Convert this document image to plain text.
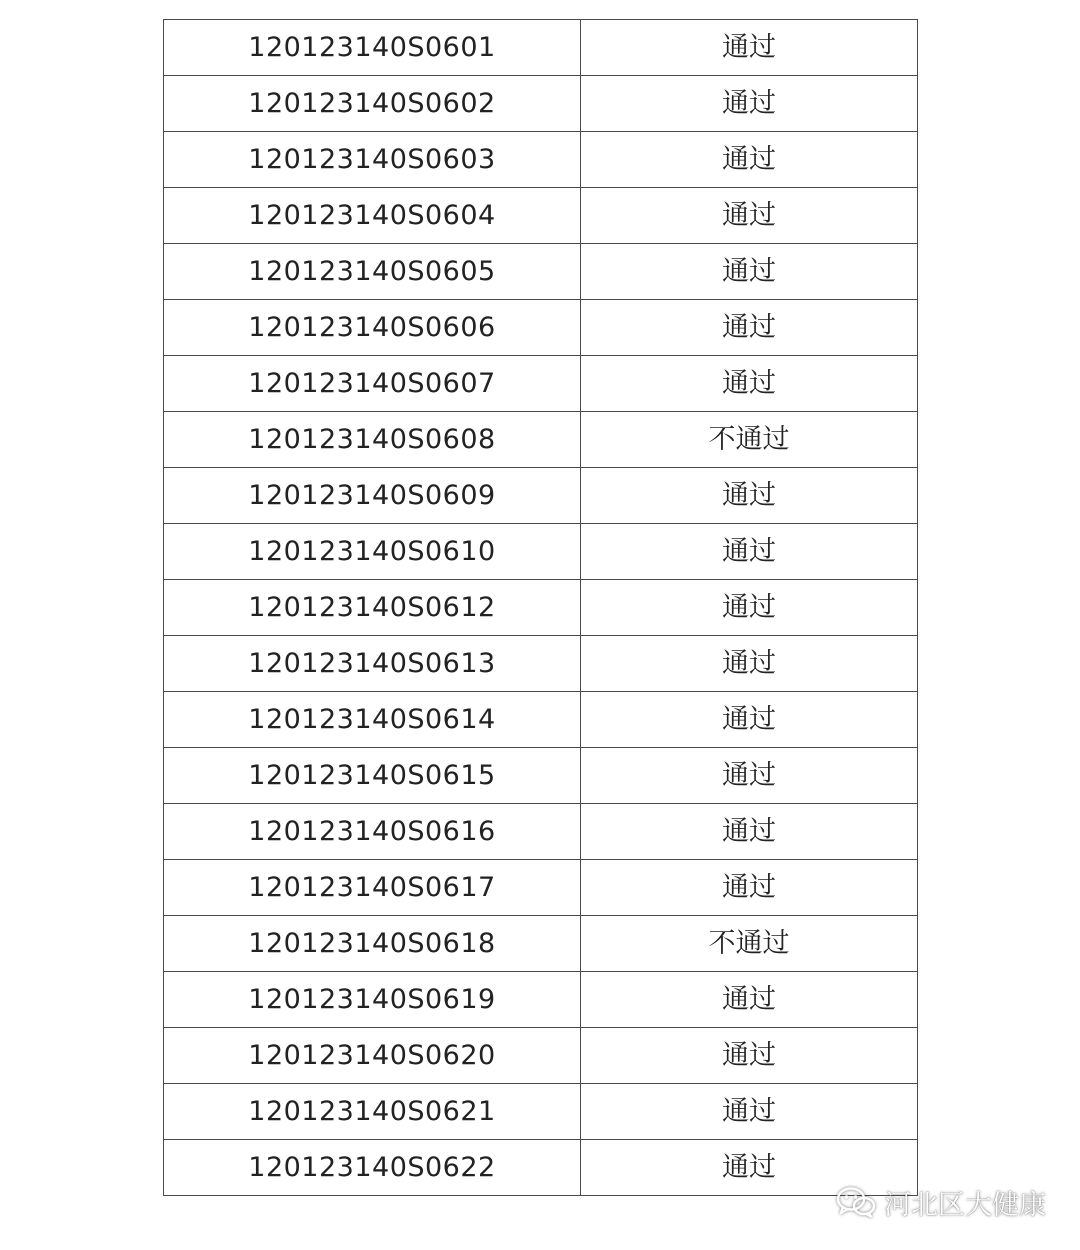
120123140S0601	通过
120123140S0602	通过
120123140S0603	通过
120123140S0604	通过
120123140S0605	通过
120123140S0606	通过
120123140S0607	通过
120123140S0608	不通过
120123140S0609	通过
120123140S0610	通过
120123140S0612	通过
120123140S0613	通过
120123140S0614	通过
120123140S0615	通过
120123140S0616	通过
120123140S0617	通过
120123140S0618	不通过
120123140S0619	通过
120123140S0620	通过
120123140S0621	通过
120123140S0622	通过
河北区大健康
